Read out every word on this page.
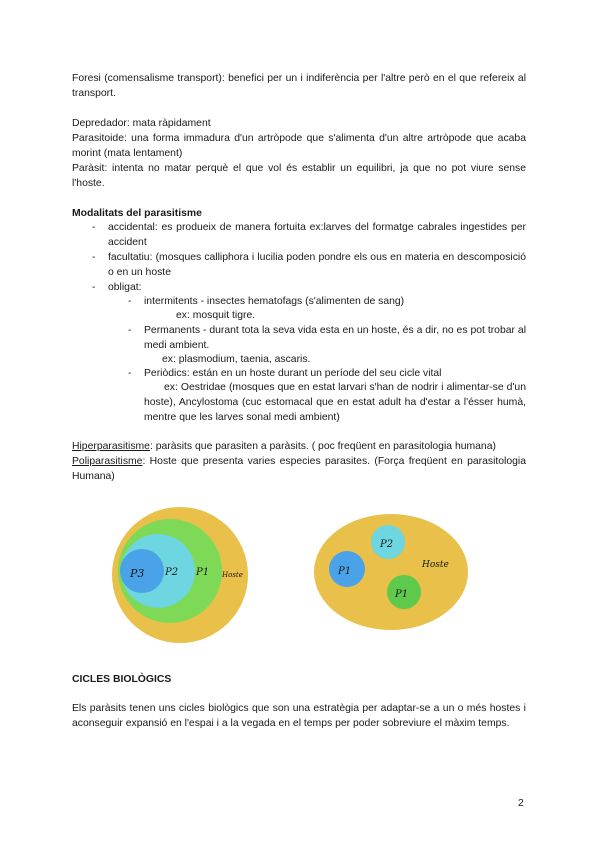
Foresi (comensalisme transport): benefici per un i indiferència per l'altre però en el que refereix al transport.
Depredador: mata ràpidament
Parasitoide: una forma immadura d'un artròpode que s'alimenta d'un altre artròpode que acaba morint (mata lentament)
Paràsit: intenta no matar perquè el que vol és establir un equilibri, ja que no pot viure sense l'hoste.
Modalitats del parasitisme
- accidental: es produeix de manera fortuita ex:larves del formatge cabrales ingestides per accident
- facultatiu: (mosques calliphora i lucilia poden pondre els ous en materia en descomposició o en un hoste
- obligat:
- intermitents - insectes hematofags (s'alimenten de sang)
ex: mosquit tigre.
- Permanents - durant tota la seva vida esta en un hoste, és a dir, no es pot trobar al medi ambient.
ex: plasmodium, taenia, ascaris.
- Periòdics: están en un hoste durant un període del seu cicle vital
ex: Oestridae (mosques que en estat larvari s'han de nodrir i alimentar-se d'un hoste), Ancylostoma (cuc estomacal que en estat adult ha d'estar a l'ésser humà, mentre que les larves sonal medi ambient)
Hiperparasitisme: paràsits que parasiten a paràsits. ( poc freqüent en parasitologia humana)
Poliparasitisme: Hoste que presenta varies especies parasites. (Força freqüent en parasitologia Humana)
P3 P2 P1 Hoste
P2
P1
P1
Hoste
CICLES BIOLÒGICS
Els paràsits tenen uns cicles biològics que son una estratègia per adaptar-se a un o més hostes i aconseguir expansió en l'espai i a la vegada en el temps per poder sobreviure el màxim temps.
2
